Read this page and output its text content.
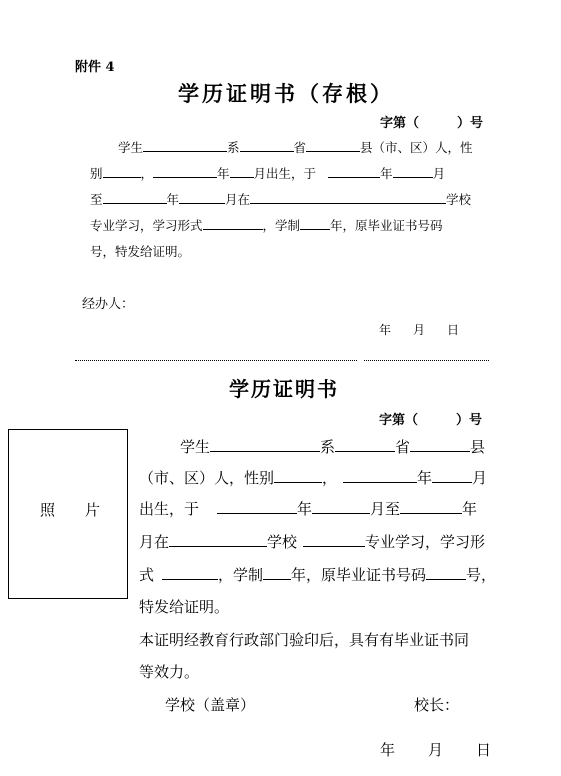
附件 4
学历证明书（存根）
字第（	）号
学生	系	省	县（市、区）人，性
别	，	年 月出生，于	年	月
至	年	月在	学校
专业学习，学习形式	，学制 年，原毕业证书号码
号，特发给证明。
经办人：
年 月 日
学历证明书
字第（	）号
照　　片
学生	系	省	县
（市、区）人，性别	，	年	月
出生，于	年	月至	年
月在	学校	专业学习，学习形
式	，学制 年，原毕业证书号码	号，
特发给证明。
本证明经教育行政部门验印后，具有有毕业证书同
等效力。
学校（盖章）	校长：
年 月 日
